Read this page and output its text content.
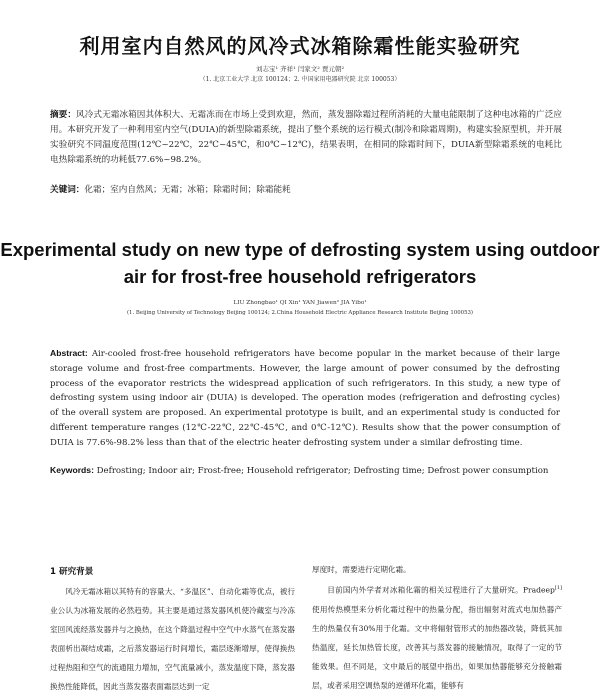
利用室内自然风的风冷式冰箱除霜性能实验研究
刘志宝¹ 齐祥¹ 闫家文² 贾元朝²
（1. 北京工业大学 北京 100124；2. 中国家用电器研究院 北京 100053）
摘要：风冷式无霜冰箱因其体积大、无霜冻而在市场上受到欢迎，然而，蒸发器除霜过程所消耗的大量电能限制了这种电冰箱的广泛应用。本研究开发了一种利用室内空气(DUIA)的新型除霜系统，提出了整个系统的运行模式(制冷和除霜周期)，构建实验原型机，并开展实验研究不同温度范围(12℃~22℃，22℃~45℃，和0℃~12℃)，结果表明，在相同的除霜时间下，DUIA新型除霜系统的电耗比电热除霜系统的功耗低77.6%~98.2%。
关键词：化霜；室内自然风；无霜；冰箱；除霜时间；除霜能耗
Experimental study on new type of defrosting system using outdoor air for frost-free household refrigerators
LIU Zhongbao¹ QI Xin¹ YAN Jiawen² JIA Yibo¹
(1. Beijing University of Technology Beijing 100124; 2.China Household Electric Appliance Research Institute Beijing 100053)
Abstract: Air-cooled frost-free household refrigerators have become popular in the market because of their large storage volume and frost-free compartments. However, the large amount of power consumed by the defrosting process of the evaporator restricts the widespread application of such refrigerators. In this study, a new type of defrosting system using indoor air (DUIA) is developed. The operation modes (refrigeration and defrosting cycles) of the overall system are proposed. An experimental prototype is built, and an experimental study is conducted for different temperature ranges (12℃-22℃, 22℃-45℃, and 0℃-12℃). Results show that the power consumption of DUIA is 77.6%-98.2% less than that of the electric heater defrosting system under a similar defrosting time.
Keywords: Defrosting; Indoor air; Frost-free; Household refrigerator; Defrosting time; Defrost power consumption
1 研究背景
风冷无霜冰箱以其特有的容量大、“多温区”、自动化霜等优点，被行业公认为冰箱发展的必然趋势。其主要是通过蒸发器风机使冷藏室与冷冻室回风流经蒸发器并与之换热，在这个降温过程中空气中水蒸气在蒸发器表面析出凝结成霜，之后蒸发器运行时间增长，霜层逐渐增厚，使得换热过程热阻和空气的流通阻力增加，空气流量减小，蒸发温度下降，蒸发器换热性能降低，因此当蒸发器表面霜层达到一定
厚度时，需要进行定期化霜。
目前国内外学者对冰箱化霜的相关过程进行了大量研究。Pradeep[1]使用传热模型来分析化霜过程中的热量分配，指出辐射对流式电加热器产生的热量仅有30%用于化霜。文中将辐射管形式的加热器改装，降低其加热温度，延长加热管长度，改善其与蒸发器的接触情况，取得了一定的节能效果。但不同是，文中最后的展望中指出，如果加热器能够充分接触霜层，或者采用空调热泵的逆循环化霜，能够有
